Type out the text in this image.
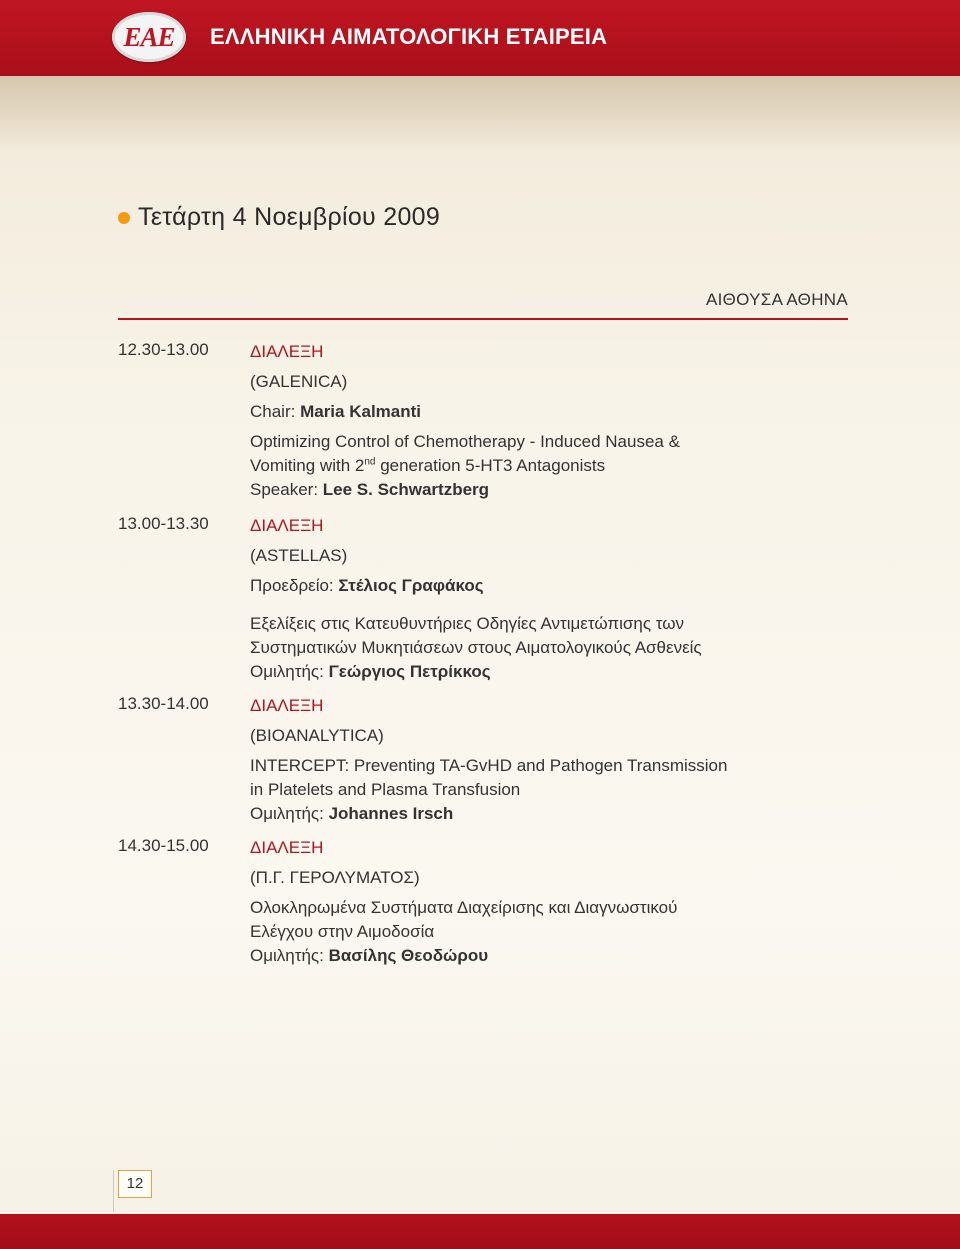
ΕΑΕ ΕΛΛΗΝΙΚΗ ΑΙΜΑΤΟΛΟΓΙΚΗ ΕΤΑΙΡΕΙΑ
Τετάρτη 4 Νοεμβρίου 2009
ΑΙΘΟΥΣΑ ΑΘΗΝΑ
12.30-13.00 ΔΙΑΛΕΞΗ
(GALENICA)
Chair: Maria Kalmanti
Optimizing Control of Chemotherapy - Induced Nausea &
Vomiting with 2nd generation 5-HT3 Antagonists
Speaker: Lee S. Schwartzberg
13.00-13.30 ΔΙΑΛΕΞΗ
(ASTELLAS)
Προεδρείο: Στέλιος Γραφάκος
Εξελίξεις στις Κατευθυντήριες Οδηγίες Αντιμετώπισης των
Συστηματικών Μυκητιάσεων στους Αιματολογικούς Ασθενείς
Ομιλητής: Γεώργιος Πετρίκκος
13.30-14.00 ΔΙΑΛΕΞΗ
(BIOANALYTICA)
INTERCEPT: Preventing TA-GvHD and Pathogen Transmission
in Platelets and Plasma Transfusion
Ομιλητής: Johannes Irsch
14.30-15.00 ΔΙΑΛΕΞΗ
(Π.Γ. ΓΕΡΟΛΥΜΑΤΟΣ)
Ολοκληρωμένα Συστήματα Διαχείρισης και Διαγνωστικού
Ελέγχου στην Αιμοδοσία
Ομιλητής: Βασίλης Θεοδώρου
12
